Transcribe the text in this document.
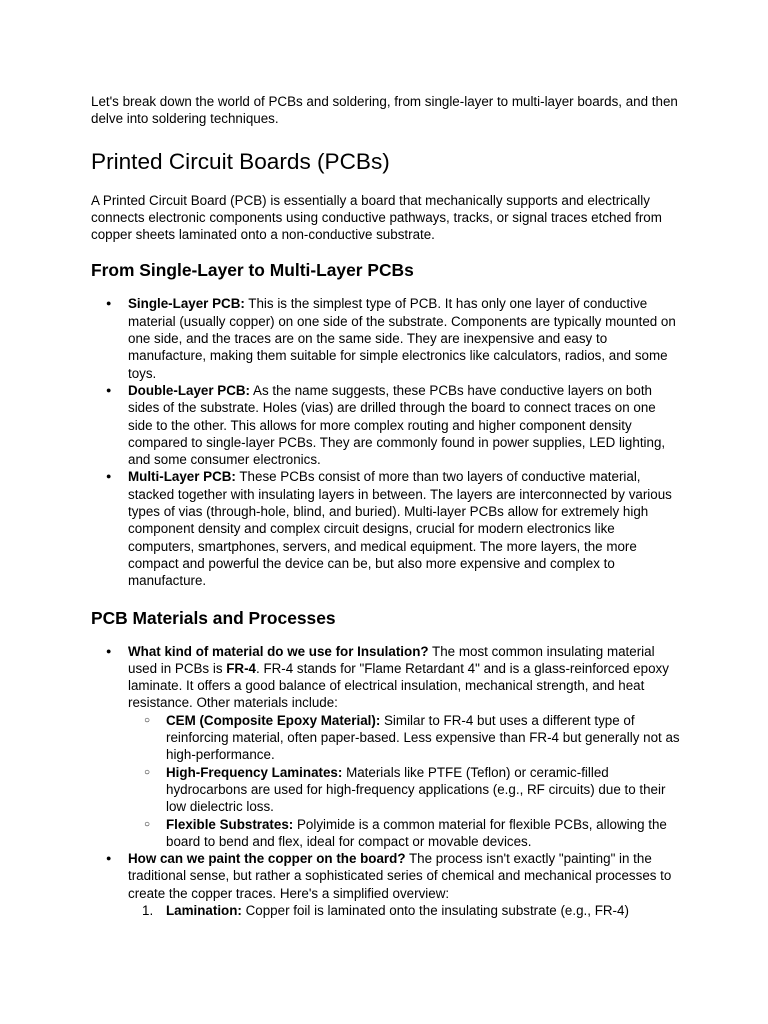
Let's break down the world of PCBs and soldering, from single-layer to multi-layer boards, and then delve into soldering techniques.

Printed Circuit Boards (PCBs)

A Printed Circuit Board (PCB) is essentially a board that mechanically supports and electrically connects electronic components using conductive pathways, tracks, or signal traces etched from copper sheets laminated onto a non-conductive substrate.

From Single-Layer to Multi-Layer PCBs
● Single-Layer PCB: This is the simplest type of PCB. It has only one layer of conductive material (usually copper) on one side of the substrate. Components are typically mounted on one side, and the traces are on the same side. They are inexpensive and easy to manufacture, making them suitable for simple electronics like calculators, radios, and some toys.
● Double-Layer PCB: As the name suggests, these PCBs have conductive layers on both sides of the substrate. Holes (vias) are drilled through the board to connect traces on one side to the other. This allows for more complex routing and higher component density compared to single-layer PCBs. They are commonly found in power supplies, LED lighting, and some consumer electronics.
● Multi-Layer PCB: These PCBs consist of more than two layers of conductive material, stacked together with insulating layers in between. The layers are interconnected by various types of vias (through-hole, blind, and buried). Multi-layer PCBs allow for extremely high component density and complex circuit designs, crucial for modern electronics like computers, smartphones, servers, and medical equipment. The more layers, the more compact and powerful the device can be, but also more expensive and complex to manufacture.
PCB Materials and Processes
● What kind of material do we use for Insulation? The most common insulating material used in PCBs is FR-4. FR-4 stands for "Flame Retardant 4" and is a glass-reinforced epoxy laminate. It offers a good balance of electrical insulation, mechanical strength, and heat resistance. Other materials include:
○ CEM (Composite Epoxy Material): Similar to FR-4 but uses a different type of reinforcing material, often paper-based. Less expensive than FR-4 but generally not as high-performance.
○ High-Frequency Laminates: Materials like PTFE (Teflon) or ceramic-filled hydrocarbons are used for high-frequency applications (e.g., RF circuits) due to their low dielectric loss.
○ Flexible Substrates: Polyimide is a common material for flexible PCBs, allowing the board to bend and flex, ideal for compact or movable devices.
● How can we paint the copper on the board? The process isn't exactly "painting" in the traditional sense, but rather a sophisticated series of chemical and mechanical processes to create the copper traces. Here's a simplified overview:
1. Lamination: Copper foil is laminated onto the insulating substrate (e.g., FR-4)
